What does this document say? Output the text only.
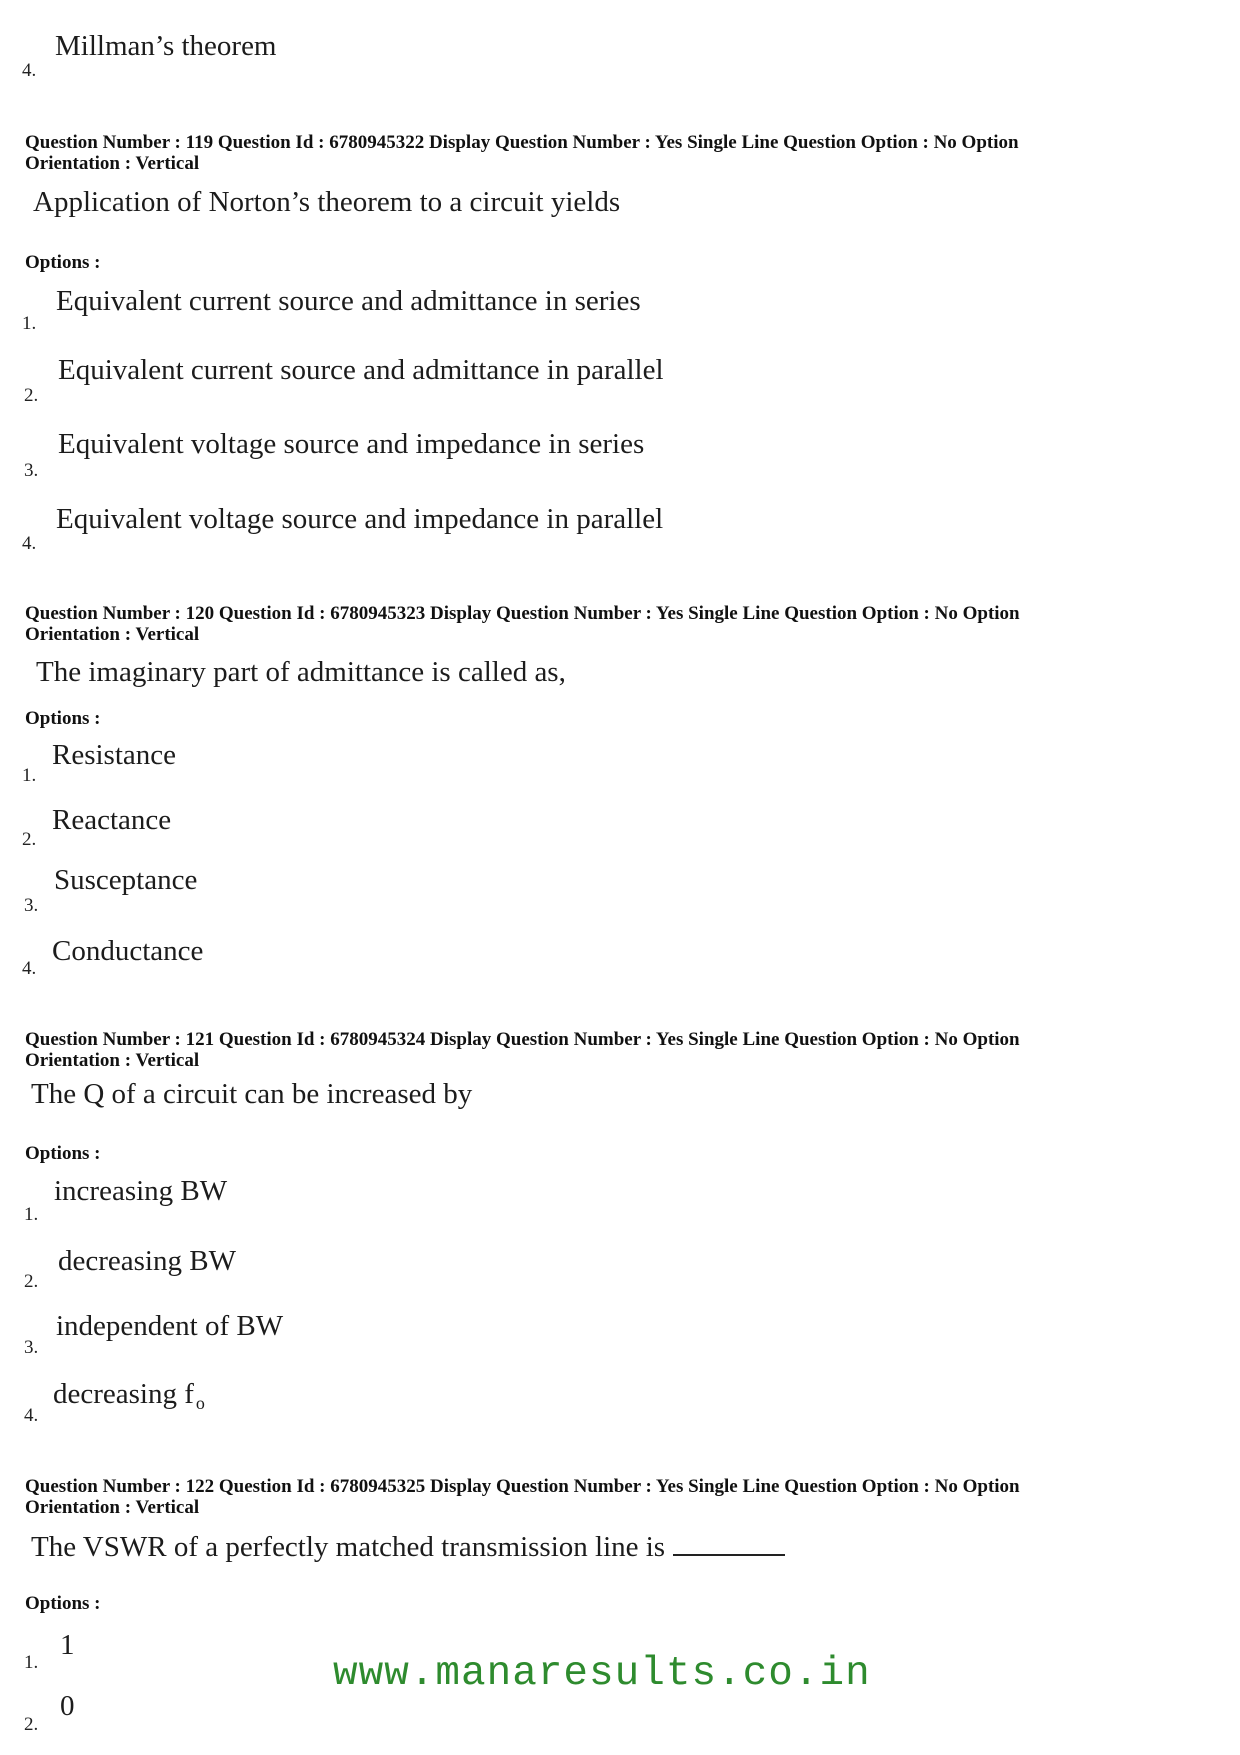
4.
Millman’s theorem
Question Number : 119 Question Id : 6780945322 Display Question Number : Yes Single Line Question Option : No Option
Orientation : Vertical
Application of Norton’s theorem to a circuit yields
Options :
1.
Equivalent current source and admittance in series
2.
Equivalent current source and admittance in parallel
3.
Equivalent voltage source and impedance in series
4.
Equivalent voltage source and impedance in parallel
Question Number : 120 Question Id : 6780945323 Display Question Number : Yes Single Line Question Option : No Option
Orientation : Vertical
The imaginary part of admittance is called as,
Options :
1.
Resistance
2.
Reactance
3.
Susceptance
4.
Conductance
Question Number : 121 Question Id : 6780945324 Display Question Number : Yes Single Line Question Option : No Option
Orientation : Vertical
The Q of a circuit can be increased by
Options :
1.
increasing BW
2.
decreasing BW
3.
independent of BW
4.
decreasing f $_o$
Question Number : 122 Question Id : 6780945325 Display Question Number : Yes Single Line Question Option : No Option
Orientation : Vertical
The VSWR of a perfectly matched transmission line is
Options :
1.
1
2.
0
www.manaresults.co.in
